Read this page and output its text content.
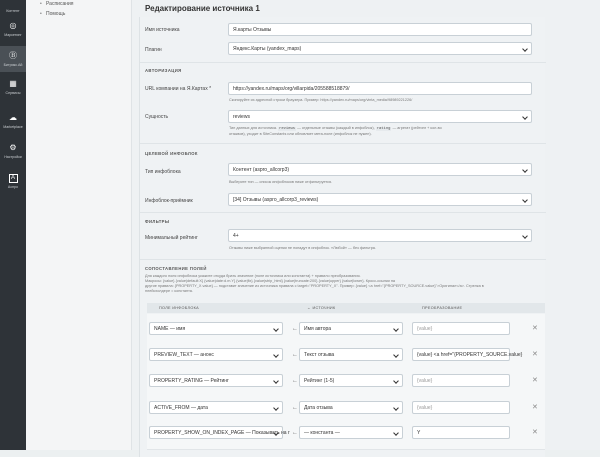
Контент
◎
Маркетинг
Ⓑ
Битрикс.Ай
▦
Сервисы
☁
Marketplace
⚙
Настройки
A
Аспро
• Расписания
• Помощь
Редактирование источника 1
Имя источника	Я.карты Отзывы
Плагин	Яндекс.Карты (yandex_maps)
АВТОРИЗАЦИЯ
URL компании на Я.Картах *	https://yandex.ru/maps/org/villarpida/205588518879/
Скопируйте из адресной строки браузера. Пример: https://yandex.ru/maps/org/vinta_media/98989221226/
Сущность	reviews
Тип данных для источника. reviews — отдельные отзывы (каждый в инфоблок), rating — агрегат (рейтинг + кол-во
отзывов), уходит в SiteConstants или обновляет мета-поле (инфоблок не нужен).
ЦЕЛЕВОЙ ИНФОБЛОК
Тип инфоблока	Контент (aspro_allcorp3)
Выберите тип — список инфоблоков ниже отфильтруется.
Инфоблок-приёмник	[34] Отзывы (aspro_allcorp3_reviews)
ФИЛЬТРЫ
Минимальный рейтинг	4+
Отзывы ниже выбранной оценки не попадут в инфоблок. «Любой» — без фильтра.
СОПОСТАВЛЕНИЕ ПОЛЕЙ
Для каждого поля инфоблока укажите откуда брать значение (поле источника или константа) + правило преобразования.
Макросы: {value} {value|default:X} {value|date:d.m.Y} {value|fix} {value|strip_html} {value|truncate:200} {value|upper} {value|lower}. Кросс-ссылки на
другие правила: {PROPERTY_X.value} — подставит значение из источника правила с target="PROPERTY_X". Пример: {value} <a href="{PROPERTY_SOURCE.value}">Оригинал</a>. Стрелка в
плейсхолдере = константа.
ПОЛЕ ИНФОБЛОКА	← ИСТОЧНИК	ПРЕОБРАЗОВАНИЕ
NAME — имя	←	Имя автора	{value}	✕
PREVIEW_TEXT — анонс	←	Текст отзыва	{value} <a href="{PROPERTY_SOURCE.value} ✕
PROPERTY_RATING — Рейтинг	←	Рейтинг (1-5)	{value}	✕
ACTIVE_FROM — дата	←	Дата отзыва	{value}	✕
PROPERTY_SHOW_ON_INDEX_PAGE — Показывать на г ←	— константа —	Y	✕
